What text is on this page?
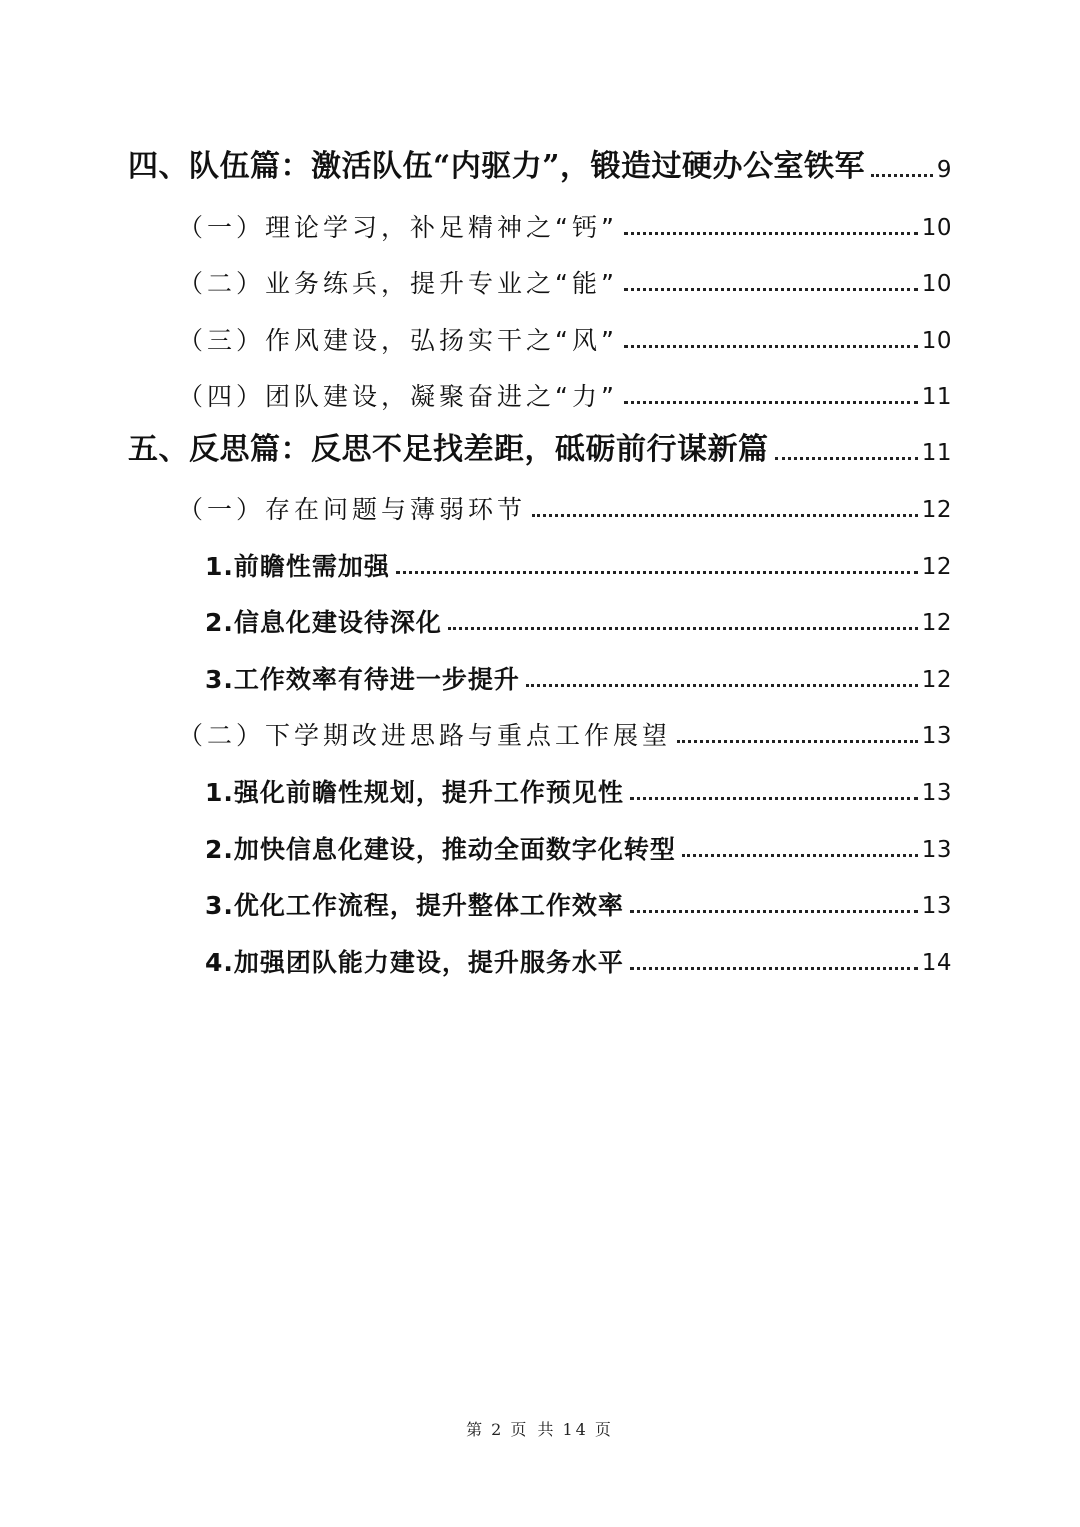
四、队伍篇：激活队伍“内驱力”，锻造过硬办公室铁军	9
（一）理论学习，补足精神之“钙”	10
（二）业务练兵，提升专业之“能”	10
（三）作风建设，弘扬实干之“风”	10
（四）团队建设，凝聚奋进之“力”	11
五、反思篇：反思不足找差距，砥砺前行谋新篇	11
（一）存在问题与薄弱环节	12
1.前瞻性需加强	12
2.信息化建设待深化	12
3.工作效率有待进一步提升	12
（二）下学期改进思路与重点工作展望	13
1.强化前瞻性规划，提升工作预见性	13
2.加快信息化建设，推动全面数字化转型	13
3.优化工作流程，提升整体工作效率	13
4.加强团队能力建设，提升服务水平	14
第 2 页 共 14 页
